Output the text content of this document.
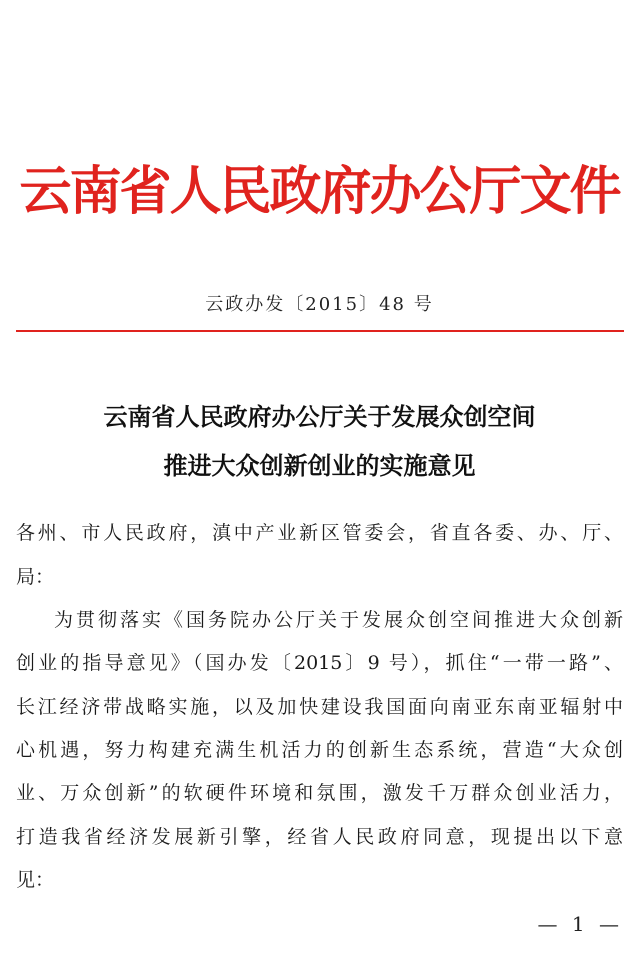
云南省人民政府办公厅文件
云政办发〔2015〕48 号
云南省人民政府办公厅关于发展众创空间
推进大众创新创业的实施意见
各州、市人民政府，滇中产业新区管委会，省直各委、办、厅、
局：
为贯彻落实《国务院办公厅关于发展众创空间推进大众创新
创业的指导意见》（国办发〔2015〕9 号），抓住“一带一路”、
长江经济带战略实施，以及加快建设我国面向南亚东南亚辐射中
心机遇，努力构建充满生机活力的创新生态系统，营造“大众创
业、万众创新”的软硬件环境和氛围，激发千万群众创业活力，
打造我省经济发展新引擎，经省人民政府同意，现提出以下意
见：
— 1 —
